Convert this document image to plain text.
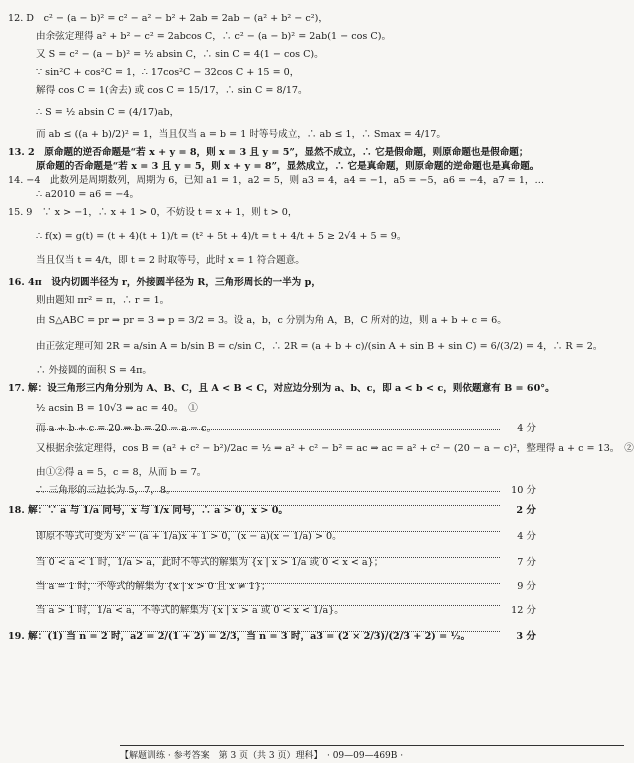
12. D　c² − (a − b)² = c² − a² − b² + 2ab = 2ab − (a² + b² − c²)，
由余弦定理得 a² + b² − c² = 2abcos C，∴ c² − (a − b)² = 2ab(1 − cos C)。
又 S = c² − (a − b)² = ½ absin C，∴ sin C = 4(1 − cos C)。
∵ sin²C + cos²C = 1，∴ 17cos²C − 32cos C + 15 = 0，
解得 cos C = 1(舍去) 或 cos C = 15/17，∴ sin C = 8/17。
∴ S = ½ absin C = (4/17)ab，
而 ab ≤ ((a + b)/2)² = 1，当且仅当 a = b = 1 时等号成立，∴ ab ≤ 1，∴ Smax = 4/17。
13. 2　原命题的逆否命题是“若 x + y = 8，则 x = 3 且 y = 5”，显然不成立，∴ 它是假命题，则原命题也是假命题；
原命题的否命题是“若 x = 3 且 y = 5，则 x + y = 8”，显然成立，∴ 它是真命题，则原命题的逆命题也是真命题。
14. −4　此数列是周期数列，周期为 6，已知 a1 = 1，a2 = 5，则 a3 = 4，a4 = −1，a5 = −5，a6 = −4，a7 = 1，…
∴ a2010 = a6 = −4。
15. 9　∵ x > −1，∴ x + 1 > 0，不妨设 t = x + 1，则 t > 0，
∴ f(x) = g(t) = (t + 4)(t + 1)/t = (t² + 5t + 4)/t = t + 4/t + 5 ≥ 2√4 + 5 = 9。
当且仅当 t = 4/t，即 t = 2 时取等号，此时 x = 1 符合题意。
16. 4π　设内切圆半径为 r，外接圆半径为 R，三角形周长的一半为 p，
则由题知 πr² = π，∴ r = 1。
由 S△ABC = pr ⇒ pr = 3 ⇒ p = 3/2 = 3。设 a，b，c 分别为角 A，B，C 所对的边，则 a + b + c = 6。
由正弦定理可知 2R = a/sin A = b/sin B = c/sin C，∴ 2R = (a + b + c)/(sin A + sin B + sin C) = 6/(3/2) = 4，∴ R = 2。
∴ 外接圆的面积 S = 4π。
17. 解：设三角形三内角分别为 A、B、C，且 A < B < C，对应边分别为 a、b、c，即 a < b < c，则依题意有 B = 60°。
½ acsin B = 10√3 ⇒ ac = 40。　①
而 a + b + c = 20 ⇒ b = 20 − a − c。	4 分
又根据余弦定理得，cos B = (a² + c² − b²)/2ac = ½ ⇒ a² + c² − b² = ac ⇒ ac = a² + c² − (20 − a − c)²，整理得 a + c = 13。　②
由①②得 a = 5，c = 8，从而 b = 7。
∴ 三角形的三边长为 5，7，8。	10 分
18. 解：∵ a 与 1/a 同号，x 与 1/x 同号，∴ a > 0，x > 0。	2 分
即原不等式可变为 x² − (a + 1/a)x + 1 > 0，(x − a)(x − 1/a) > 0。	4 分
当 0 < a < 1 时，1/a > a，此时不等式的解集为 {x | x > 1/a 或 0 < x < a}；	7 分
当 a = 1 时，不等式的解集为 {x | x > 0 且 x ≠ 1}；	9 分
当 a > 1 时，1/a < a，不等式的解集为 {x | x > a 或 0 < x < 1/a}。	12 分
19. 解：(1) 当 n = 2 时，a2 = 2/(1 + 2) = 2/3，当 n = 3 时，a3 = (2 × 2/3)/(2/3 + 2) = ½。	3 分
【解题训练 · 参考答案　第 3 页（共 3 页）理科】　· 09—09—469B ·
